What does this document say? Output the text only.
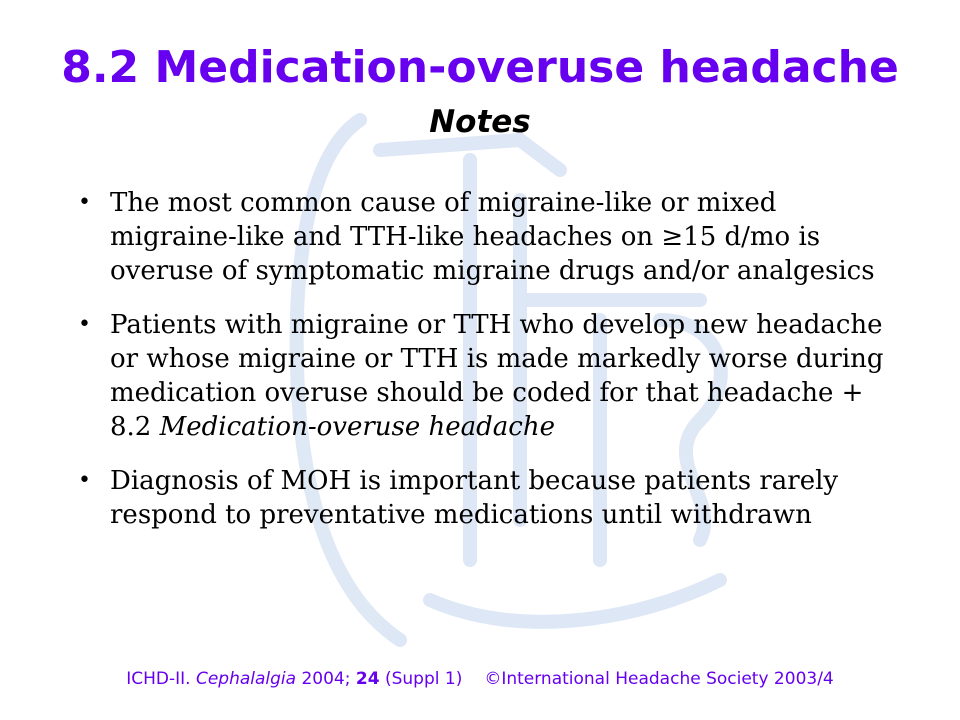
8.2 Medication-overuse headache
Notes
• The most common cause of migraine-like or mixed migraine-like and TTH-like headaches on ≥15 d/mo is overuse of symptomatic migraine drugs and/or analgesics
• Patients with migraine or TTH who develop new headache or whose migraine or TTH is made markedly worse during medication overuse should be coded for that headache + 8.2 Medication-overuse headache
• Diagnosis of MOH is important because patients rarely respond to preventative medications until withdrawn
ICHD-II. Cephalalgia 2004; 24 (Suppl 1) ©International Headache Society 2003/4
